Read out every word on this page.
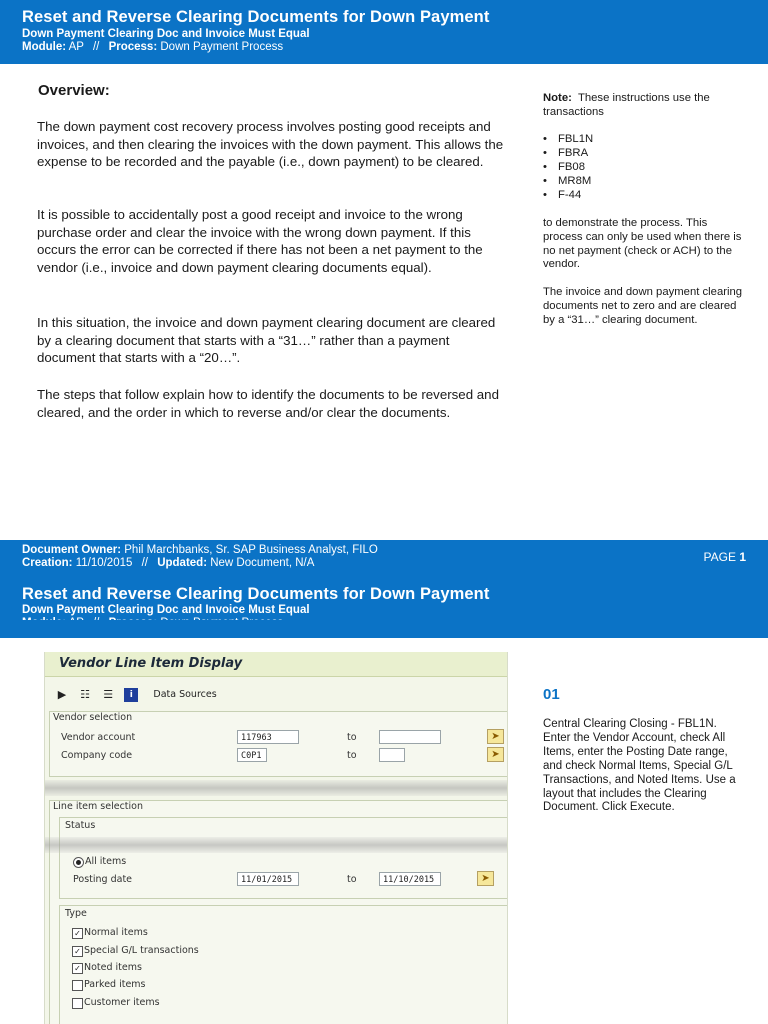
Reset and Reverse Clearing Documents for Down Payment
Down Payment Clearing Doc and Invoice Must Equal
Module: AP // Process: Down Payment Process
Overview:

The down payment cost recovery process involves posting good receipts and invoices, and then clearing the invoices with the down payment. This allows the expense to be recorded and the payable (i.e., down payment) to be cleared.

It is possible to accidentally post a good receipt and invoice to the wrong purchase order and clear the invoice with the wrong down payment. If this occurs the error can be corrected if there has not been a net payment to the vendor (i.e., invoice and down payment clearing documents equal).

In this situation, the invoice and down payment clearing document are cleared by a clearing document that starts with a “31…” rather than a payment document that starts with a “20…”.

The steps that follow explain how to identify the documents to be reversed and cleared, and the order in which to reverse and/or clear the documents.

Note: These instructions use the transactions

• FBL1N
• FBRA
• FB08
• MR8M
• F-44

to demonstrate the process. This process can only be used when there is no net payment (check or ACH) to the vendor.

The invoice and down payment clearing documents net to zero and are cleared by a “31…” clearing document.

Document Owner: Phil Marchbanks, Sr. SAP Business Analyst, FILO
Creation: 11/10/2015 // Updated: New Document, N/A	PAGE 1
Reset and Reverse Clearing Documents for Down Payment
Down Payment Clearing Doc and Invoice Must Equal
Vendor Line Item Display
▶ ☷ ☰ i Data Sources
Vendor selection
Vendor account	117963	to	➤
Company code	C0P1	to	➤
Line item selection
Status
All items
Posting date	11/01/2015	to	11/10/2015	➤
Type
✓ Normal items
✓ Special G/L transactions
✓ Noted items
Parked items
Customer items
01

Central Clearing Closing - FBL1N. Enter the Vendor Account, check All Items, enter the Posting Date range, and check Normal Items, Special G/L Transactions, and Noted Items. Use a layout that includes the Clearing Document. Click Execute.
